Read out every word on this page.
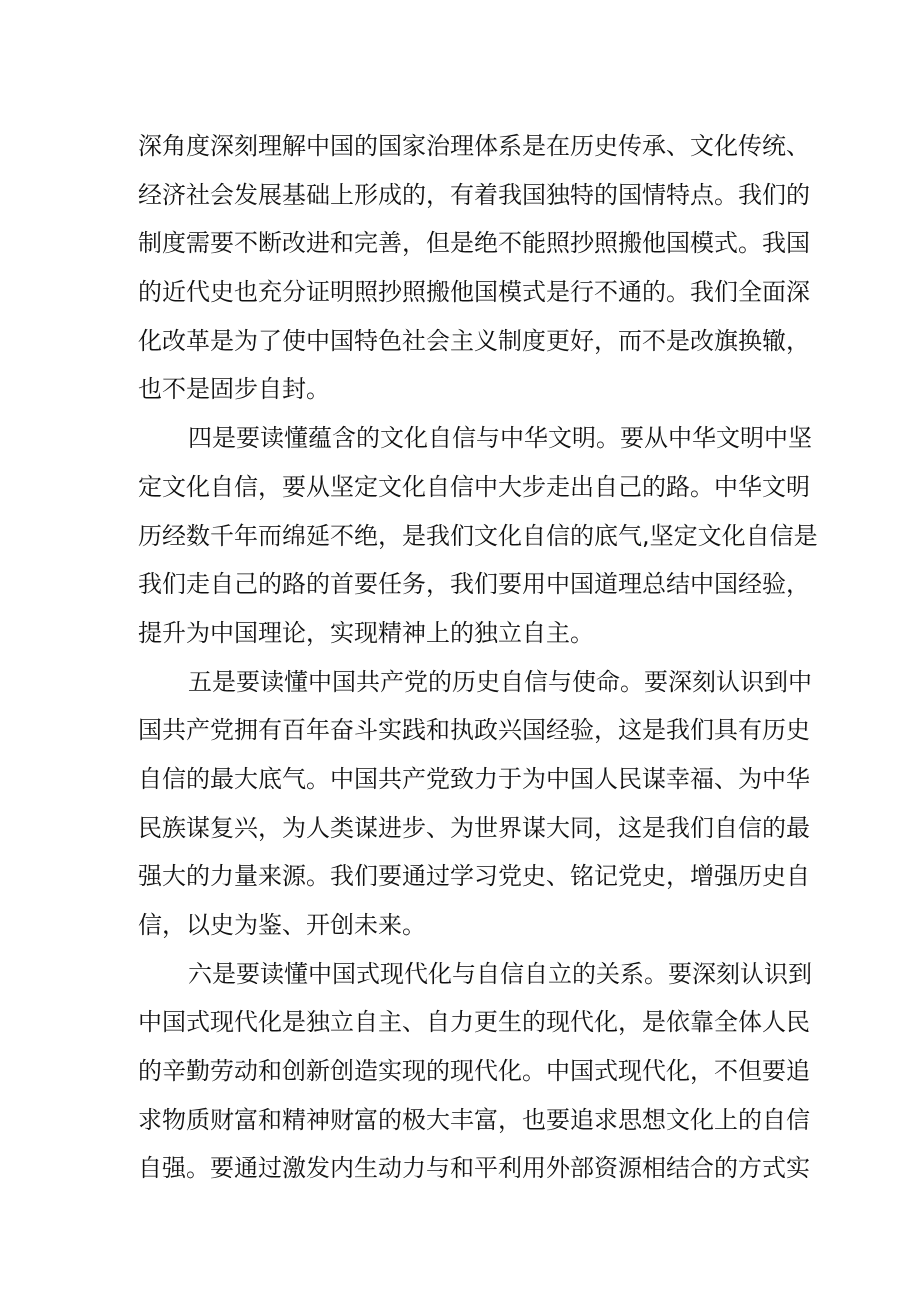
深角度深刻理解中国的国家治理体系是在历史传承、文化传统、
经济社会发展基础上形成的，有着我国独特的国情特点。我们的
制度需要不断改进和完善，但是绝不能照抄照搬他国模式。我国
的近代史也充分证明照抄照搬他国模式是行不通的。我们全面深
化改革是为了使中国特色社会主义制度更好，而不是改旗换辙，
也不是固步自封。
四是要读懂蕴含的文化自信与中华文明。要从中华文明中坚
定文化自信，要从坚定文化自信中大步走出自己的路。中华文明
历经数千年而绵延不绝，是我们文化自信的底气,坚定文化自信是
我们走自己的路的首要任务，我们要用中国道理总结中国经验，
提升为中国理论，实现精神上的独立自主。
五是要读懂中国共产党的历史自信与使命。要深刻认识到中
国共产党拥有百年奋斗实践和执政兴国经验，这是我们具有历史
自信的最大底气。中国共产党致力于为中国人民谋幸福、为中华
民族谋复兴，为人类谋进步、为世界谋大同，这是我们自信的最
强大的力量来源。我们要通过学习党史、铭记党史，增强历史自
信，以史为鉴、开创未来。
六是要读懂中国式现代化与自信自立的关系。要深刻认识到
中国式现代化是独立自主、自力更生的现代化，是依靠全体人民
的辛勤劳动和创新创造实现的现代化。中国式现代化，不但要追
求物质财富和精神财富的极大丰富，也要追求思想文化上的自信
自强。要通过激发内生动力与和平利用外部资源相结合的方式实
